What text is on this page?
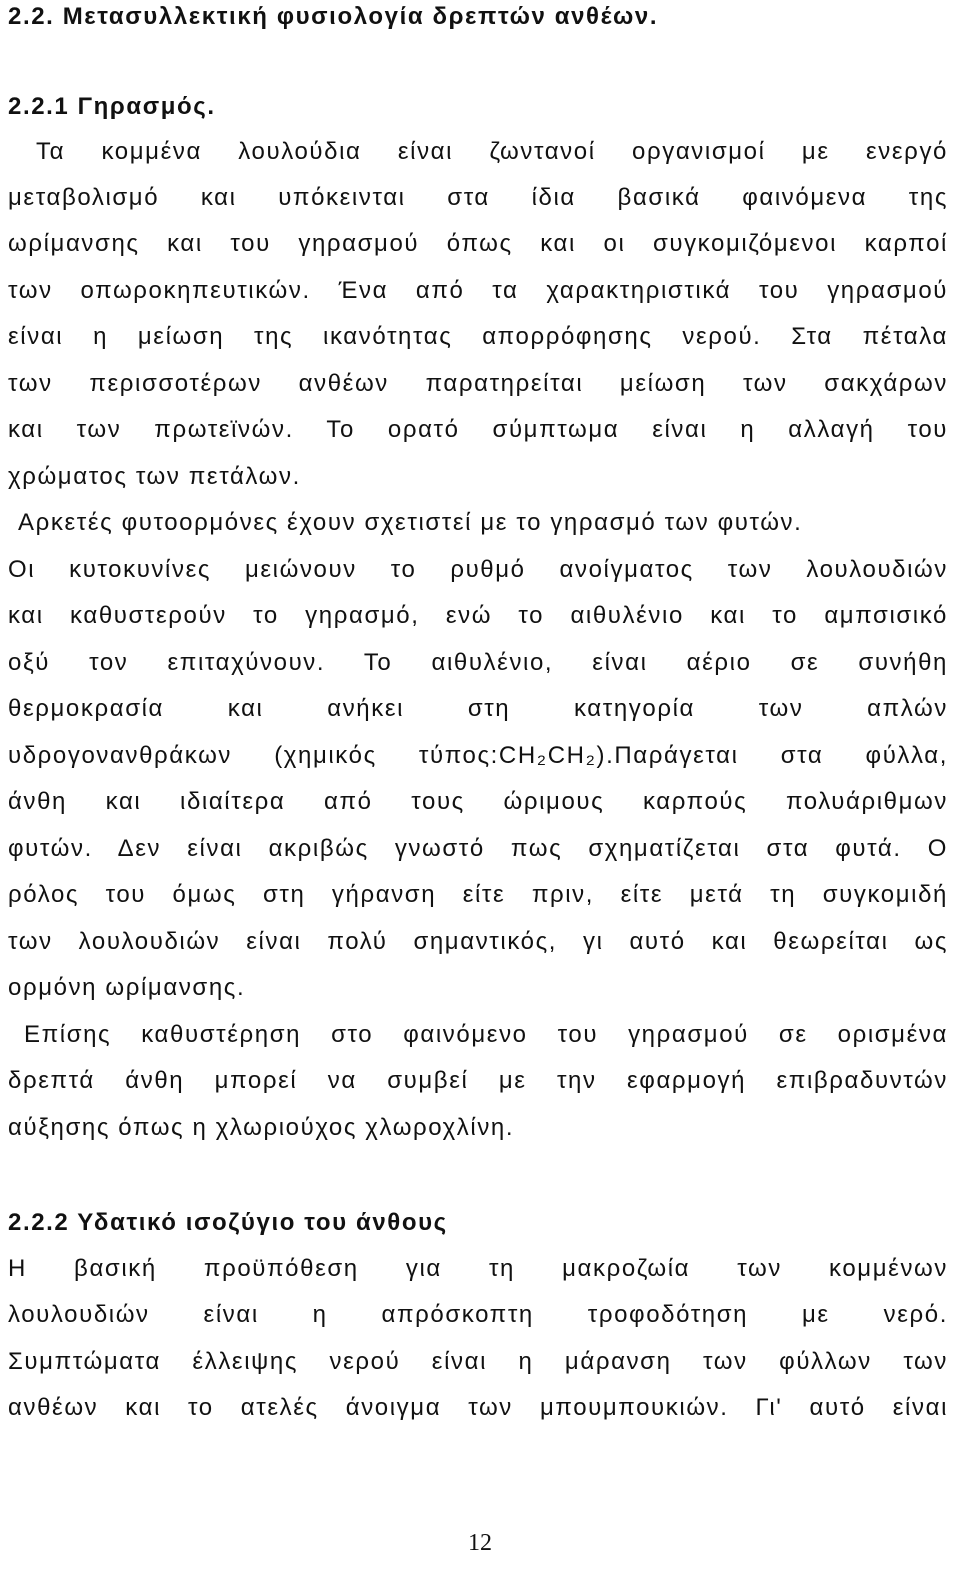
2.2. Μετασυλλεκτική φυσιολογία δρεπτών ανθέων.
2.2.1 Γηρασμός.
Τα κομμένα λουλούδια είναι ζωντανοί οργανισμοί με ενεργό
μεταβολισμό και υπόκεινται στα ίδια βασικά φαινόμενα της
ωρίμανσης και του γηρασμού όπως και οι συγκομιζόμενοι καρποί
των οπωροκηπευτικών. Ένα από τα χαρακτηριστικά του γηρασμού
είναι η μείωση της ικανότητας απορρόφησης νερού. Στα πέταλα
των περισσοτέρων ανθέων παρατηρείται μείωση των σακχάρων
και των πρωτεϊνών. Το ορατό σύμπτωμα είναι η αλλαγή του
χρώματος των πετάλων.
Αρκετές φυτοορμόνες έχουν σχετιστεί με το γηρασμό των φυτών.
Οι κυτοκυνίνες μειώνουν το ρυθμό ανοίγματος των λουλουδιών
και καθυστερούν το γηρασμό, ενώ το αιθυλένιο και το αμπσισικό
οξύ τον επιταχύνουν. Το αιθυλένιο, είναι αέριο σε συνήθη
θερμοκρασία και ανήκει στη κατηγορία των απλών
υδρογονανθράκων (χημικός τύπος:CH₂CH₂).Παράγεται στα φύλλα,
άνθη και ιδιαίτερα από τους ώριμους καρπούς πολυάριθμων
φυτών. Δεν είναι ακριβώς γνωστό πως σχηματίζεται στα φυτά. Ο
ρόλος του όμως στη γήρανση είτε πριν, είτε μετά τη συγκομιδή
των λουλουδιών είναι πολύ σημαντικός, γι αυτό και θεωρείται ως
ορμόνη ωρίμανσης.
Επίσης καθυστέρηση στο φαινόμενο του γηρασμού σε ορισμένα
δρεπτά άνθη μπορεί να συμβεί με την εφαρμογή επιβραδυντών
αύξησης όπως η χλωριούχος χλωροχλίνη.
2.2.2 Υδατικό ισοζύγιο του άνθους
Η βασική προϋπόθεση για τη μακροζωία των κομμένων
λουλουδιών είναι η απρόσκοπτη τροφοδότηση με νερό.
Συμπτώματα έλλειψης νερού είναι η μάρανση των φύλλων των
ανθέων και το ατελές άνοιγμα των μπουμπουκιών. Γι' αυτό είναι
12
